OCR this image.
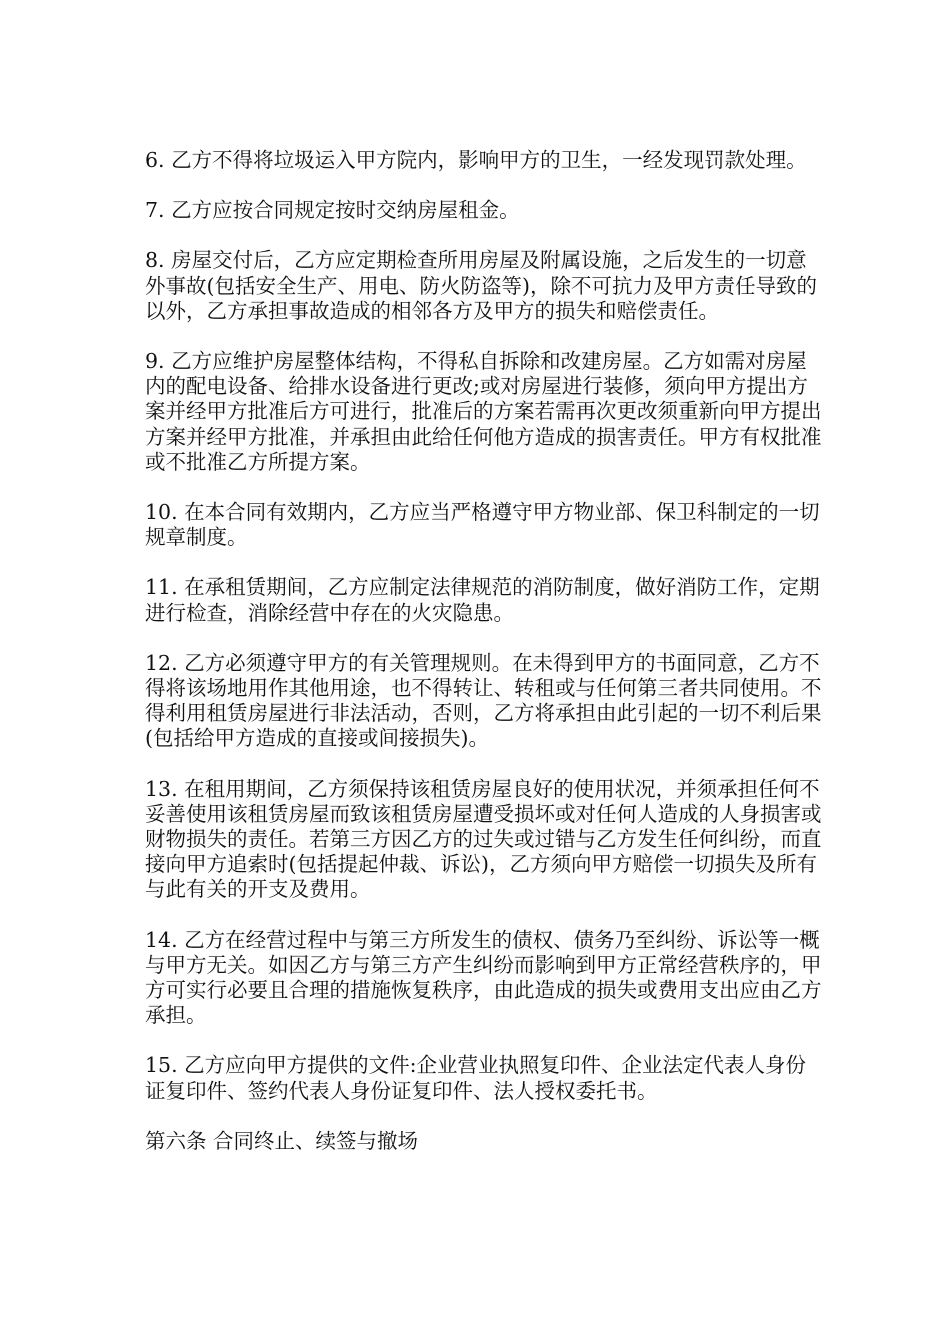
6. 乙方不得将垃圾运入甲方院内，影响甲方的卫生，一经发现罚款处理。

7. 乙方应按合同规定按时交纳房屋租金。

8. 房屋交付后，乙方应定期检查所用房屋及附属设施，之后发生的一切意外事故(包括安全生产、用电、防火防盗等)，除不可抗力及甲方责任导致的以外，乙方承担事故造成的相邻各方及甲方的损失和赔偿责任。

9. 乙方应维护房屋整体结构，不得私自拆除和改建房屋。乙方如需对房屋内的配电设备、给排水设备进行更改;或对房屋进行装修，须向甲方提出方案并经甲方批准后方可进行，批准后的方案若需再次更改须重新向甲方提出方案并经甲方批准，并承担由此给任何他方造成的损害责任。甲方有权批准或不批准乙方所提方案。

10. 在本合同有效期内，乙方应当严格遵守甲方物业部、保卫科制定的一切规章制度。

11. 在承租赁期间，乙方应制定法律规范的消防制度，做好消防工作，定期进行检查，消除经营中存在的火灾隐患。

12. 乙方必须遵守甲方的有关管理规则。在未得到甲方的书面同意，乙方不得将该场地用作其他用途，也不得转让、转租或与任何第三者共同使用。不得利用租赁房屋进行非法活动，否则，乙方将承担由此引起的一切不利后果(包括给甲方造成的直接或间接损失)。

13. 在租用期间，乙方须保持该租赁房屋良好的使用状况，并须承担任何不妥善使用该租赁房屋而致该租赁房屋遭受损坏或对任何人造成的人身损害或财物损失的责任。若第三方因乙方的过失或过错与乙方发生任何纠纷，而直接向甲方追索时(包括提起仲裁、诉讼)，乙方须向甲方赔偿一切损失及所有与此有关的开支及费用。

14. 乙方在经营过程中与第三方所发生的债权、债务乃至纠纷、诉讼等一概与甲方无关。如因乙方与第三方产生纠纷而影响到甲方正常经营秩序的，甲方可实行必要且合理的措施恢复秩序，由此造成的损失或费用支出应由乙方承担。

15. 乙方应向甲方提供的文件:企业营业执照复印件、企业法定代表人身份证复印件、签约代表人身份证复印件、法人授权委托书。

第六条 合同终止、续签与撤场
